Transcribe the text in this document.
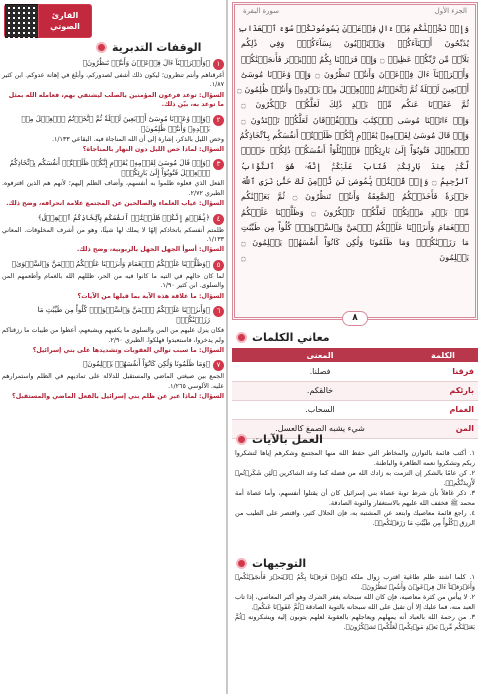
الجزء الأول
سورة البقرة
وَإِذۡ نَجَّيۡنَٰكُم مِّنۡ ءَالِ فِرۡعَوۡنَ يَسُومُونَكُمۡ سُوٓءَ ٱلۡعَذَابِ
يُذَبِّحُونَ أَبۡنَآءَكُمۡ وَيَسۡتَحۡيُونَ نِسَآءَكُمۡۚ وَفِي ذَٰلِكُم
بَلَآءٞ مِّن رَّبِّكُمۡ عَظِيمٞ ۝ وَإِذۡ فَرَقۡنَا بِكُمُ ٱلۡبَحۡرَ فَأَنجَيۡنَٰكُمۡ
وَأَغۡرَقۡنَآ ءَالَ فِرۡعَوۡنَ وَأَنتُمۡ تَنظُرُونَ ۝ وَإِذۡ وَٰعَدۡنَا مُوسَىٰٓ
أَرۡبَعِينَ لَيۡلَةٗ ثُمَّ ٱتَّخَذۡتُمُ ٱلۡعِجۡلَ مِنۢ بَعۡدِهِۦ وَأَنتُمۡ ظَٰلِمُونَ ۝
ثُمَّ عَفَوۡنَا عَنكُم مِّنۢ بَعۡدِ ذَٰلِكَ لَعَلَّكُمۡ تَشۡكُرُونَ ۝
وَإِذۡ ءَاتَيۡنَا مُوسَى ٱلۡكِتَٰبَ وَٱلۡفُرۡقَانَ لَعَلَّكُمۡ تَهۡتَدُونَ ۝
وَإِذۡ قَالَ مُوسَىٰ لِقَوۡمِهِۦ يَٰقَوۡمِ إِنَّكُمۡ ظَلَمۡتُمۡ أَنفُسَكُم بِٱتِّخَاذِكُمُ
ٱلۡعِجۡلَ فَتُوبُوٓاْ إِلَىٰ بَارِئِكُمۡ فَٱقۡتُلُوٓاْ أَنفُسَكُمۡ ذَٰلِكُمۡ خَيۡرٞ
لَّكُمۡ عِندَ بَارِئِكُمۡ فَتَابَ عَلَيۡكُمۡۚ إِنَّهُۥ هُوَ ٱلتَّوَّابُ
ٱلرَّحِيمُ ۝ وَإِذۡ قُلۡتُمۡ يَٰمُوسَىٰ لَن نُّؤۡمِنَ لَكَ حَتَّىٰ نَرَى ٱللَّهَ
جَهۡرَةٗ فَأَخَذَتۡكُمُ ٱلصَّٰعِقَةُ وَأَنتُمۡ تَنظُرُونَ ۝ ثُمَّ بَعَثۡنَٰكُم
مِّنۢ بَعۡدِ مَوۡتِكُمۡ لَعَلَّكُمۡ تَشۡكُرُونَ ۝ وَظَلَّلۡنَا عَلَيۡكُمُ
ٱلۡغَمَامَ وَأَنزَلۡنَا عَلَيۡكُمُ ٱلۡمَنَّ وَٱلسَّلۡوَىٰۖ كُلُواْ مِن طَيِّبَٰتِ
مَا رَزَقۡنَٰكُمۡۚ وَمَا ظَلَمُونَا وَلَٰكِن كَانُوٓاْ أَنفُسَهُمۡ يَظۡلِمُونَ ۝
يَظۡلِمُونَ ۝
٨
معاني الكلمات
الكلمة	المعنى
فرقنا	فصلنا.
بارئكم	خالقكم.
الغمام	السحاب.
المن	شيء يشبه الصمغ كالعسل.
العمل بالآيات
١. أكتب قائمة بالتوازن والمخاطر التي حفظ الله منها المجتمع وشكرهم إياها لتشكروا ربكم وتشكروا نعمه الظاهرة والباطنة.
٢. كن عامًا بالشكر إن التزمت به زادك الله من فضله كما وعد الشاكرين ﴿لَئِن شَكَرۡتُمۡ لَأَزِيدَنَّكُمۡ﴾.
٣. ذكر غافلاً بأن شرط توبة عصاة بني إسرائيل كان أن يقتلوا أنفسهم، وأما عصاة أمة محمد ﷺ فخفف الله عليهم بالاستغفار والتوبة الصادقة.
٤. راجع قائمة معاصيك وابتعد عن المشتبه به، فإن الحلال كثير، واقتصر على الطيب من الرزق ﴿كُلُواْ مِن طَيِّبَٰتِ مَا رَزَقۡنَٰكُمۡ﴾.
التوجيهات
١. كلما اشتد ظلم طاغية اقترب زوال ملكه ﴿وَإِذۡ فَرَقۡنَا بِكُمُ ٱلۡبَحۡرَ فَأَنجَيۡنَٰكُمۡ وَأَغۡرَقۡنَآ ءَالَ فِرۡعَوۡنَ وَأَنتُمۡ تَنظُرُونَ﴾.
٢. لا ييأس من كثرة معاصيه، فإن كان الله سبحانه يغفر الشرك وهو أكبر المعاصي، إذا تاب العبد منه، فما عليك إلا أن تقبل على الله سبحانه بالتوبة الصادقة ﴿ثُمَّ عَفَوۡنَا عَنكُم﴾.
٣. من رحمة الله بالعباد أنه يمهلهم ويعاجلهم بالعقوبة لعلهم يتوبون إليه ويشكرونه ﴿ثُمَّ بَعَثۡنَٰكُم مِّنۢ بَعۡدِ مَوۡتِكُمۡ لَعَلَّكُمۡ تَشۡكُرُونَ﴾.
القارئ
الصوتي
الوقفات التدبرية
١
﴿وَأَغۡرَقۡنَآ ءَالَ فِرۡعَوۡنَ وَأَنتُمۡ تَنظُرُونَ﴾
أغرقناهم وأنتم تنظرون؛ ليكون ذلك أشفى لصدوركم، وأبلغ في إهانة عدوكم. ابن كثير ١/٨٧.
السؤال: توعد فرعون المؤمنين بالصلب ليشتفي بهم، فعامله الله بمثل ما توعد به، بيّن ذلك.
٢
﴿وَإِذۡ وَٰعَدۡنَا مُوسَىٰٓ أَرۡبَعِينَ لَيۡلَةٗ ثُمَّ ٱتَّخَذۡتُمُ ٱلۡعِجۡلَ مِنۢ بَعۡدِهِۦ وَأَنتُمۡ ظَٰلِمُونَ﴾
وخص الليل بالذكر، إشارة إلى أن الله المناجاة فيه. البقاعي ١/١٣٣.
السؤال: لماذا خص الليل دون النهار بالمناجاة؟
٣
﴿وَإِذۡ قَالَ مُوسَىٰ لِقَوۡمِهِۦ يَٰقَوۡمِ إِنَّكُمۡ ظَلَمۡتُمۡ أَنفُسَكُم بِٱتِّخَاذِكُمُ ٱلۡعِجۡلَ فَتُوبُوٓاْ إِلَىٰ بَارِئِكُمۡ﴾
الفعل الذي فعلوه ظلموا به أنفسهم، وأضاف الظلم إليهم؛ لأنهم هم الذين اقترفوه. الطبري ٢/٧٢.
السؤال: غياب العلماء والصالحين عن المجتمع علامة انحرافه، وضح ذلك.
٤
﴿يَٰقَوۡمِ إِنَّكُمۡ ظَلَمۡتُمۡ أَنفُسَكُم بِٱتِّخَاذِكُمُ ٱلۡعِجۡلَ﴾
ظلمتم أنفسكم باتخاذكم إلهًا لا يملك لها شيئًا، وهو من أشرف المخلوقات. المعاني ١/١٣٣.
السؤال: أسوأ الجهل الجهل بالربوبية، وضح ذلك.
٥
﴿وَظَلَّلۡنَا عَلَيۡكُمُ ٱلۡغَمَامَ وَأَنزَلۡنَا عَلَيۡكُمُ ٱلۡمَنَّ وَٱلسَّلۡوَىٰ﴾
لما كان حالهم في التيه ما كانوا فيه من الحر، ظللهم الله بالغمام وأطعمهم المن والسلوى. ابن كثير ١/٩٠.
السؤال: ما علاقة هذه الآية بما قبلها من الآيات؟
٦
﴿وَأَنزَلۡنَا عَلَيۡكُمُ ٱلۡمَنَّ وَٱلسَّلۡوَىٰۖ كُلُواْ مِن طَيِّبَٰتِ مَا رَزَقۡنَٰكُمۡ﴾
فكان ينزل عليهم من المن والسلوى ما يكفيهم ويشبعهم، أعطوا من طيبات ما رزقناكم ولم يدخروا، فاستعبدوا فهلكوا. الطبري ٢/٩٠.
السؤال: ما سبب توالي العقوبات وتشديدها على بني إسرائيل؟
٧
﴿وَمَا ظَلَمُونَا وَلَٰكِن كَانُوٓاْ أَنفُسَهُمۡ يَظۡلِمُونَ﴾
الجمع بين صيغتي الماضي والمستقبل للدلالة على تماديهم في الظلم واستمرارهم عليه. الألوسي ١/٢٦٥.
السؤال: لماذا عبر عن ظلم بني إسرائيل بالفعل الماضي والمستقبل؟
